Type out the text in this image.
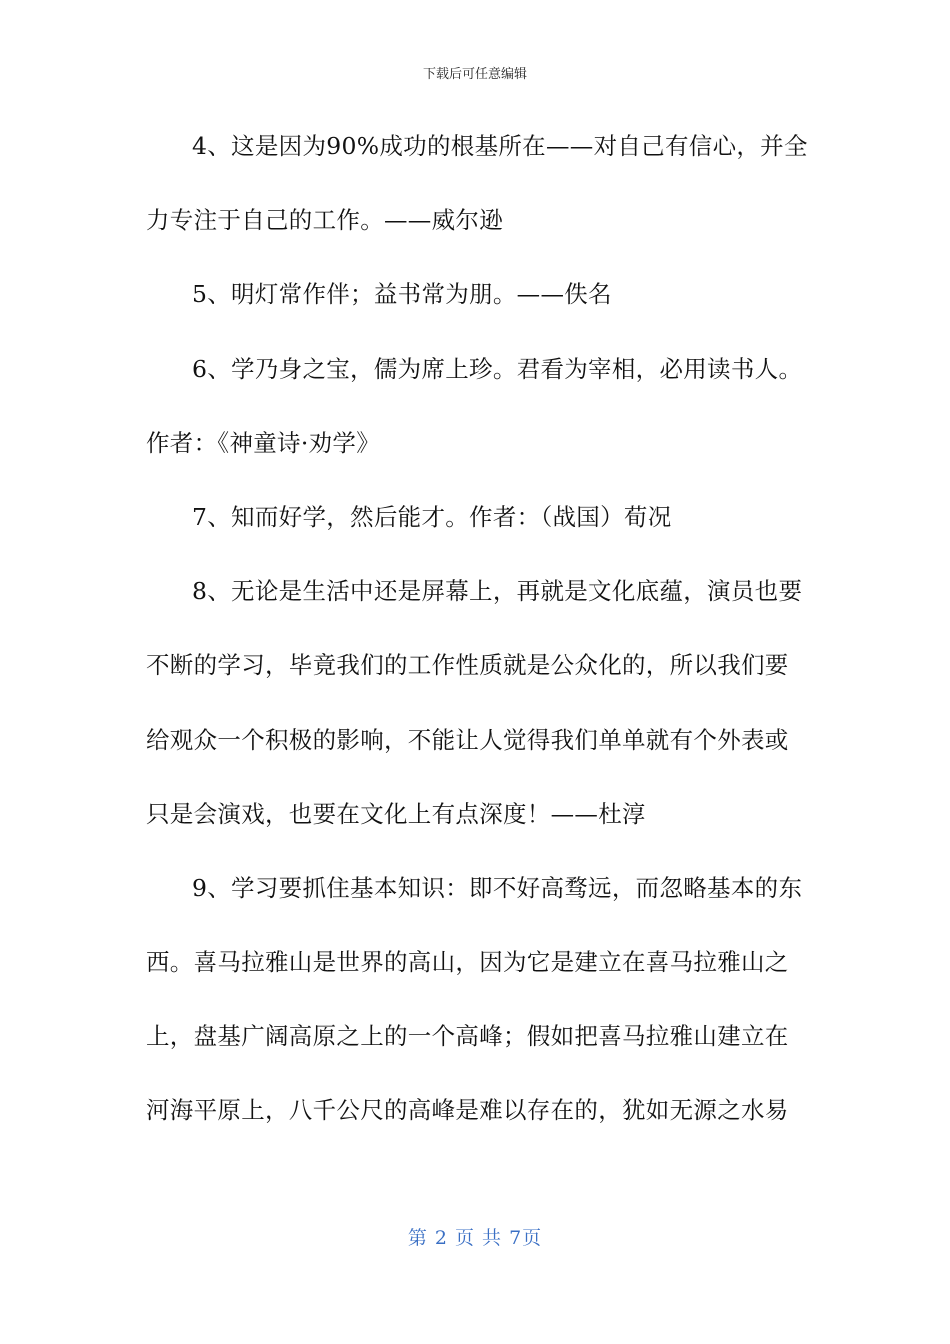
下载后可任意编辑
4、这是因为90%成功的根基所在——对自己有信心，并全
力专注于自己的工作。——威尔逊
5、明灯常作伴；益书常为朋。——佚名
6、学乃身之宝，儒为席上珍。君看为宰相，必用读书人。
作者：《神童诗·劝学》
7、知而好学，然后能才。作者：（战国）荀况
8、无论是生活中还是屏幕上，再就是文化底蕴，演员也要
不断的学习，毕竟我们的工作性质就是公众化的，所以我们要
给观众一个积极的影响，不能让人觉得我们单单就有个外表或
只是会演戏，也要在文化上有点深度！——杜淳
9、学习要抓住基本知识：即不好高骛远，而忽略基本的东
西。喜马拉雅山是世界的高山，因为它是建立在喜马拉雅山之
上，盘基广阔高原之上的一个高峰；假如把喜马拉雅山建立在
河海平原上，八千公尺的高峰是难以存在的，犹如无源之水易
第 2 页 共 7页
